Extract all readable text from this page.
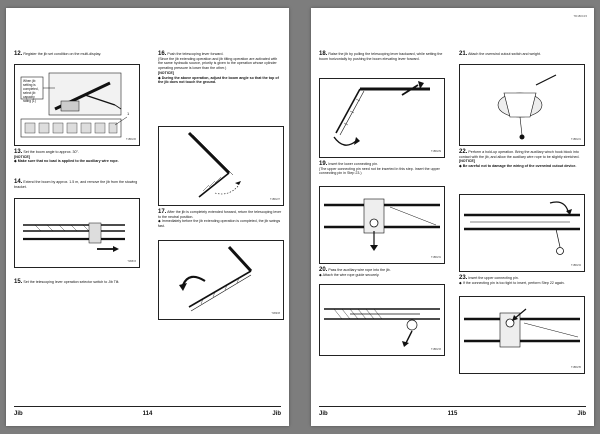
12. Register the jib set condition on the multi-display.

When jib
setting is
completed,
select jib
capacity
rating (1)
1
T1B9V26

13. Set the boom angle to approx. 30°.

[NOTICE]

◆ Make sure that no load is applied to the auxiliary wire rope.

14. Extend the boom by approx. 1.5 m, and remove the jib from the stowing bracket.

T1B8V3

15. Set the telescoping lever operation selector switch to Jib Tilt.

16. Push the telescoping lever forward.

(Since the jib extending operation and jib tilting operation are activated with the same hydraulic source, priority is given to the operation whose cylinder operating pressure is lower than the other.)

[NOTICE]

◆ During the above operation, adjust the boom angle so that the top of the jib does not touch the ground.

T1B9V27

17. After the jib is completely extended forward, return the telescoping lever to the neutral position.

◆ Immediately before the jib extending operation is completed, the jib swings fast.

T1B9V8
Jib	114	Jib
TD180C15

18. Raise the jib by pulling the telescoping lever backward, while setting the boom horizontally by pushing the boom elevating lever forward.

T1B9V29

19. Insert the lower connecting pin.

(The upper connecting pin need not be inserted in this step. Insert the upper connecting pin in Step 23.)

T1B9V31

20. Pass the auxiliary wire rope into the jib.

◆ Attach the wire rope guide securely.

T1B9V33

21. Attach the overwind cutout switch and weight.

T1B9V21

22. Perform a hold-up operation. Bring the auxiliary winch hook block into contact with the jib, and allow the auxiliary wire rope to be slightly stretched.

[NOTICE]

◆ Be careful not to damage the wiring of the overwind cutout device.

T1B9V34

23. Insert the upper connecting pin.

◆ If the connecting pin is too tight to insert, perform Step 22 again.

T1B9V35
Jib	115	Jib
